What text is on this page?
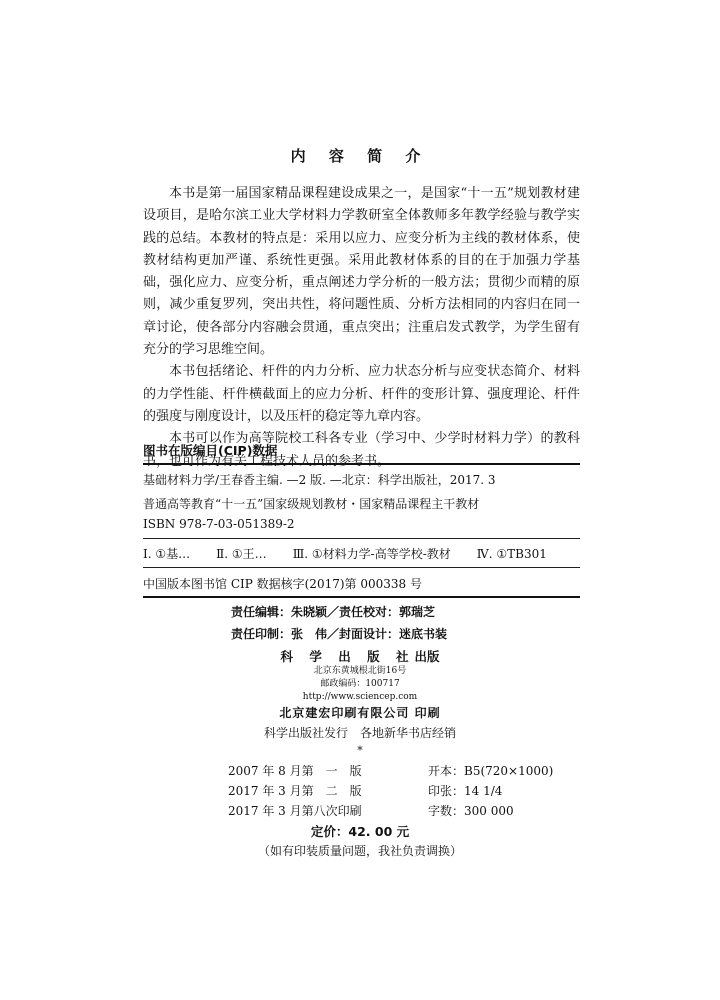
内 容 简 介

本书是第一届国家精品课程建设成果之一，是国家“十一五”规划教材建设项目，是哈尔滨工业大学材料力学教研室全体教师多年教学经验与教学实践的总结。本教材的特点是：采用以应力、应变分析为主线的教材体系，使教材结构更加严谨、系统性更强。采用此教材体系的目的在于加强力学基础，强化应力、应变分析，重点阐述力学分析的一般方法；贯彻少而精的原则，减少重复罗列，突出共性，将问题性质、分析方法相同的内容归在同一章讨论，使各部分内容融会贯通，重点突出；注重启发式教学，为学生留有充分的学习思维空间。

本书包括绪论、杆件的内力分析、应力状态分析与应变状态简介、材料的力学性能、杆件横截面上的应力分析、杆件的变形计算、强度理论、杆件的强度与刚度设计，以及压杆的稳定等九章内容。

本书可以作为高等院校工科各专业（学习中、少学时材料力学）的教科书，也可作为有关工程技术人员的参考书。

图书在版编目(CIP)数据
基础材料力学/王春香主编. —2 版. —北京：科学出版社，2017. 3
普通高等教育“十一五”国家级规划教材・国家精品课程主干教材
ISBN 978-7-03-051389-2
Ⅰ. ①基… Ⅱ. ①王… Ⅲ. ①材料力学-高等学校-教材 Ⅳ. ①TB301
中国版本图书馆 CIP 数据核字(2017)第 000338 号
责任编辑：朱晓颖／责任校对：郭瑞芝
责任印制：张　伟／封面设计：迷底书装
科 学 出 版 社出版
北京东黄城根北街16号
邮政编码：100717
http://www.sciencep.com
北京建宏印刷有限公司 印刷
科学出版社发行　各地新华书店经销
*
2007 年 8 月第　一　版	开本：B5(720×1000)
2017 年 3 月第　二　版	印张：14 1/4
2017 年 3 月第八次印刷	字数：300 000
定价：42. 00 元
（如有印装质量问题，我社负责调换）
